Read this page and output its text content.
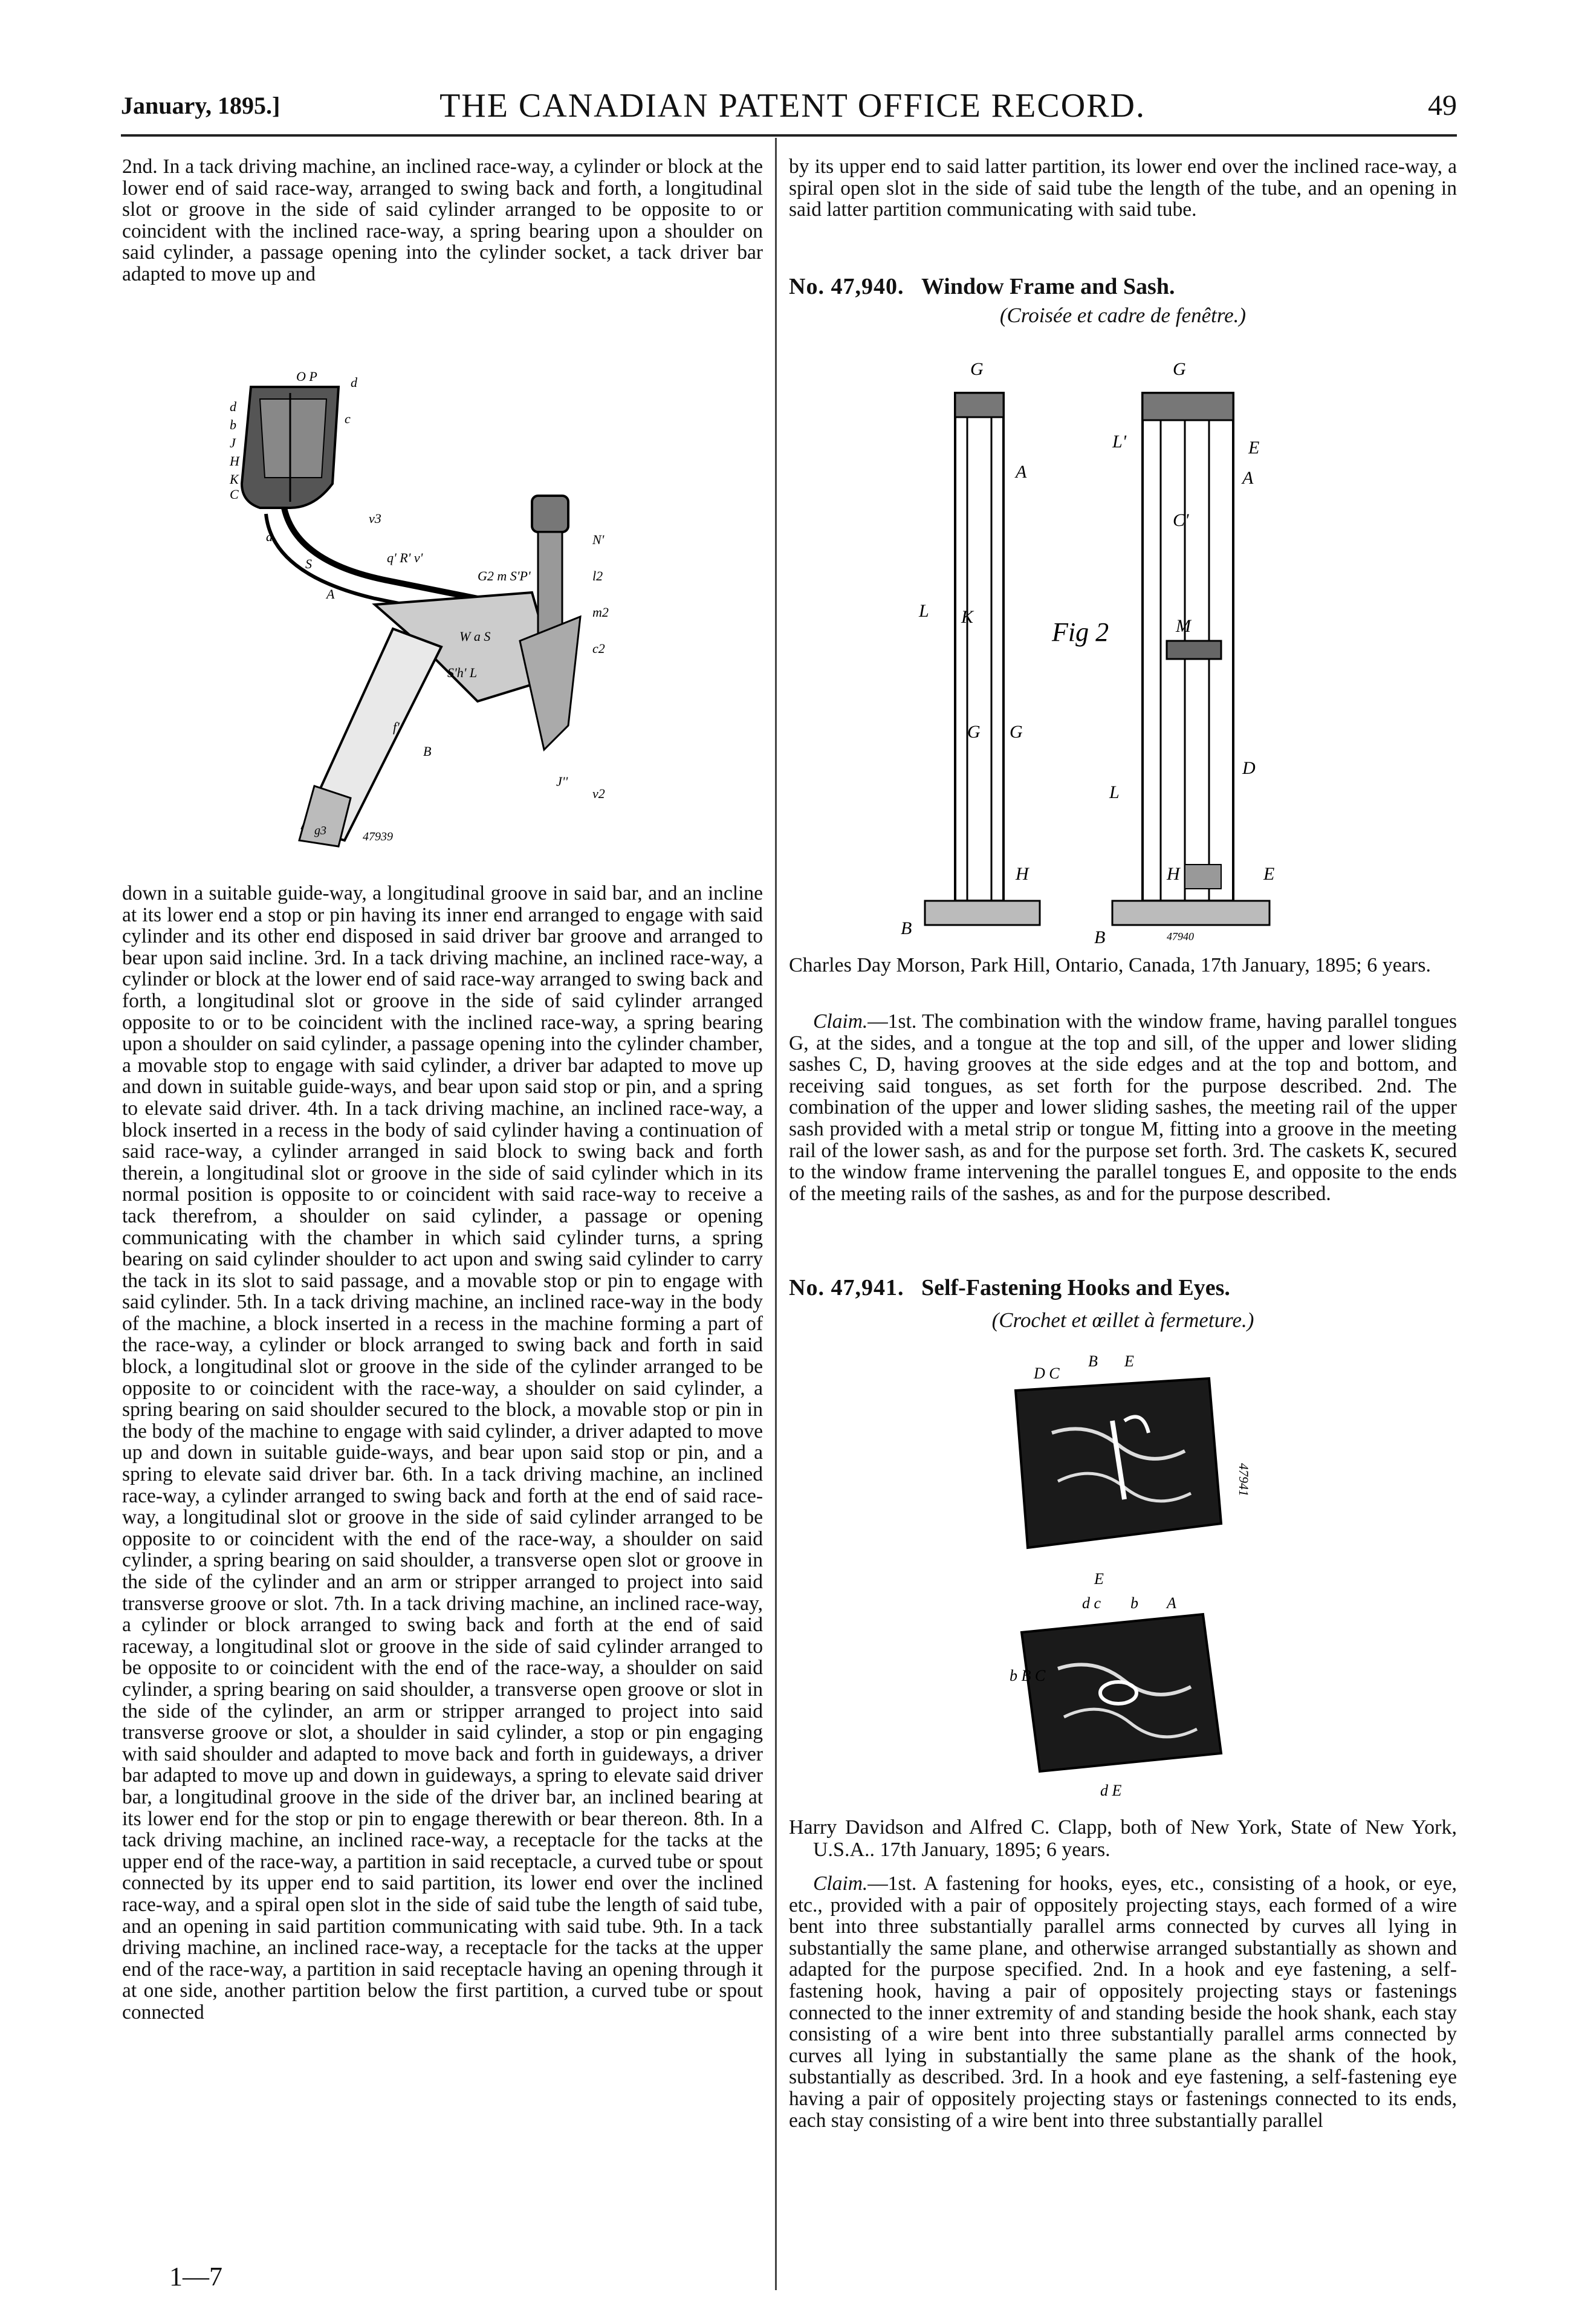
January, 1895.]	THE CANADIAN PATENT OFFICE RECORD.	49

2nd. In a tack driving machine, an inclined race-way, a cylinder or block at the lower end of said race-way, arranged to swing back and forth, a longitudinal slot or groove in the side of said cylinder arranged to be opposite to or coincident with the inclined race-way, a spring bearing upon a shoulder on said cylinder, a passage opening into the cylinder socket, a tack driver bar adapted to move up and

d
b
J
H
K
C
c
O P	d
v3
a
S	q' R' v'
A
G2 m S'P'
N'
l2
m2
c2
W a S
S'h' L
f'
B
J''
v2
g3	47939

down in a suitable guide-way, a longitudinal groove in said bar, and an incline at its lower end a stop or pin having its inner end arranged to engage with said cylinder and its other end disposed in said driver bar groove and arranged to bear upon said incline. 3rd. In a tack driving machine, an inclined race-way, a cylinder or block at the lower end of said race-way arranged to swing back and forth, a longitudinal slot or groove in the side of said cylinder arranged opposite to or to be coincident with the inclined race-way, a spring bearing upon a shoulder on said cylinder, a passage opening into the cylinder chamber, a movable stop to engage with said cylinder, a driver bar adapted to move up and down in suitable guide-ways, and bear upon said stop or pin, and a spring to elevate said driver. 4th. In a tack driving machine, an inclined race-way, a block inserted in a recess in the body of said cylinder having a continuation of said race-way, a cylinder arranged in said block to swing back and forth therein, a longitudinal slot or groove in the side of said cylinder which in its normal position is opposite to or coincident with said race-way to receive a tack therefrom, a shoulder on said cylinder, a passage or opening communicating with the chamber in which said cylinder turns, a spring bearing on said cylinder shoulder to act upon and swing said cylinder to carry the tack in its slot to said passage, and a movable stop or pin to engage with said cylinder. 5th. In a tack driving machine, an inclined race-way in the body of the machine, a block inserted in a recess in the machine forming a part of the race-way, a cylinder or block arranged to swing back and forth in said block, a longitudinal slot or groove in the side of the cylinder arranged to be opposite to or coincident with the race-way, a shoulder on said cylinder, a spring bearing on said shoulder secured to the block, a movable stop or pin in the body of the machine to engage with said cylinder, a driver adapted to move up and down in suitable guide-ways, and bear upon said stop or pin, and a spring to elevate said driver bar. 6th. In a tack driving machine, an inclined race-way, a cylinder arranged to swing back and forth at the end of said race-way, a longitudinal slot or groove in the side of said cylinder arranged to be opposite to or coincident with the end of the race-way, a shoulder on said cylinder, a spring bearing on said shoulder, a transverse open slot or groove in the side of the cylinder and an arm or stripper arranged to project into said transverse groove or slot. 7th. In a tack driving machine, an inclined race-way, a cylinder or block arranged to swing back and forth at the end of said raceway, a longitudinal slot or groove in the side of said cylinder arranged to be opposite to or coincident with the end of the race-way, a shoulder on said cylinder, a spring bearing on said shoulder, a transverse open groove or slot in the side of the cylinder, an arm or stripper arranged to project into said transverse groove or slot, a shoulder in said cylinder, a stop or pin engaging with said shoulder and adapted to move back and forth in guideways, a driver bar adapted to move up and down in guideways, a spring to elevate said driver bar, a longitudinal groove in the side of the driver bar, an inclined bearing at its lower end for the stop or pin to engage therewith or bear thereon. 8th. In a tack driving machine, an inclined race-way, a receptacle for the tacks at the upper end of the race-way, a partition in said receptacle, a curved tube or spout connected by its upper end to said partition, its lower end over the inclined race-way, and a spiral open slot in the side of said tube the length of said tube, and an opening in said partition communicating with said tube. 9th. In a tack driving machine, an inclined race-way, a receptacle for the tacks at the upper end of the race-way, a partition in said receptacle having an opening through it at one side, another partition below the first partition, a curved tube or spout connected

1—7

by its upper end to said latter partition, its lower end over the inclined race-way, a spiral open slot in the side of said tube the length of the tube, and an opening in said latter partition communicating with said tube.

No. 47,940. Window Frame and Sash.
(Croisée et cadre de fenêtre.)
G
A
L K
G
G
H
B
G
L'	E
A
C'
M
D
L
H	E
B
Fig 2
47940

Charles Day Morson, Park Hill, Ontario, Canada, 17th January, 1895; 6 years.

Claim.—1st. The combination with the window frame, having parallel tongues G, at the sides, and a tongue at the top and sill, of the upper and lower sliding sashes C, D, having grooves at the side edges and at the top and bottom, and receiving said tongues, as set forth for the purpose described. 2nd. The combination of the upper and lower sliding sashes, the meeting rail of the upper sash provided with a metal strip or tongue M, fitting into a groove in the meeting rail of the lower sash, as and for the purpose set forth. 3rd. The caskets K, secured to the window frame intervening the parallel tongues E, and opposite to the ends of the meeting rails of the sashes, as and for the purpose described.

No. 47,941. Self-Fastening Hooks and Eyes.
(Crochet et œillet à fermeture.)
D C
B E
E
d c b A
b B C
d E
47941

Harry Davidson and Alfred C. Clapp, both of New York, State of New York, U.S.A.. 17th January, 1895; 6 years.

Claim.—1st. A fastening for hooks, eyes, etc., consisting of a hook, or eye, etc., provided with a pair of oppositely projecting stays, each formed of a wire bent into three substantially parallel arms connected by curves all lying in substantially the same plane, and otherwise arranged substantially as shown and adapted for the purpose specified. 2nd. In a hook and eye fastening, a self-fastening hook, having a pair of oppositely projecting stays or fastenings connected to the inner extremity of and standing beside the hook shank, each stay consisting of a wire bent into three substantially parallel arms connected by curves all lying in substantially the same plane as the shank of the hook, substantially as described. 3rd. In a hook and eye fastening, a self-fastening eye having a pair of oppositely projecting stays or fastenings connected to its ends, each stay consisting of a wire bent into three substantially parallel
